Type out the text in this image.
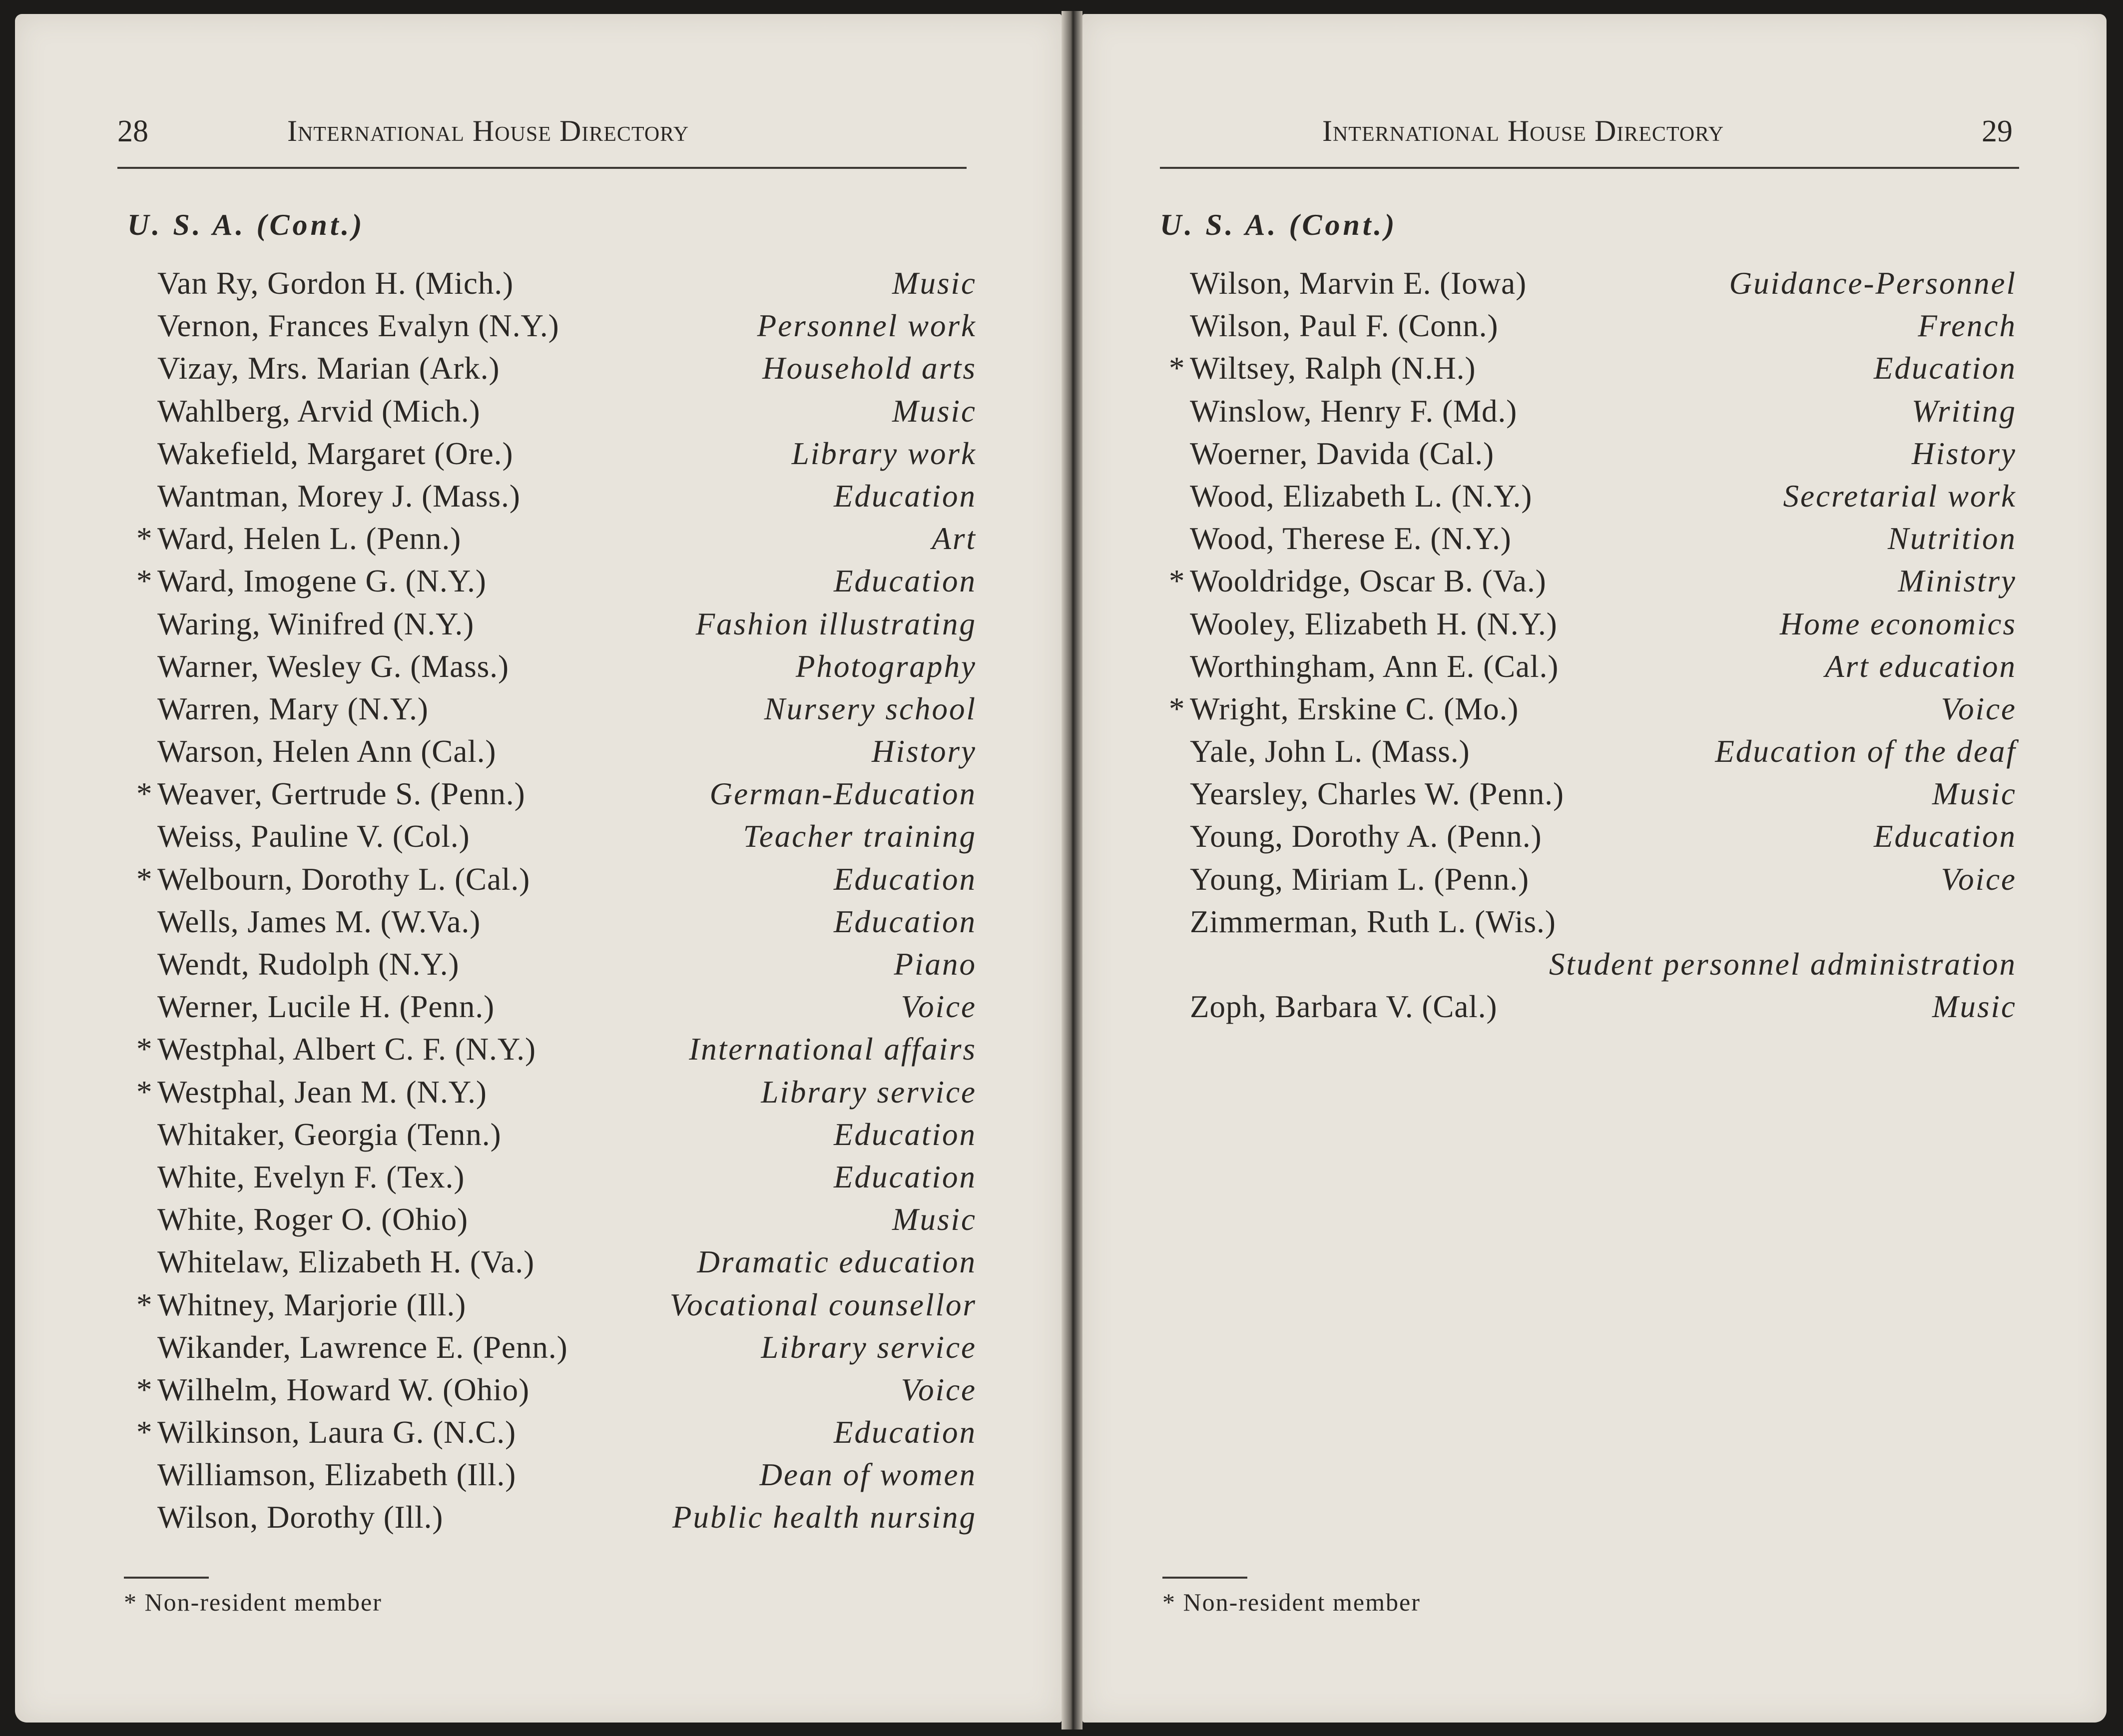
28	International House Directory
U. S. A. (Cont.)
Van Ry, Gordon H. (Mich.)	Music
Vernon, Frances Evalyn (N.Y.)	Personnel work
Vizay, Mrs. Marian (Ark.)	Household arts
Wahlberg, Arvid (Mich.)	Music
Wakefield, Margaret (Ore.)	Library work
Wantman, Morey J. (Mass.)	Education
* Ward, Helen L. (Penn.)	Art
* Ward, Imogene G. (N.Y.)	Education
Waring, Winifred (N.Y.)	Fashion illustrating
Warner, Wesley G. (Mass.)	Photography
Warren, Mary (N.Y.)	Nursery school
Warson, Helen Ann (Cal.)	History
* Weaver, Gertrude S. (Penn.)	German-Education
Weiss, Pauline V. (Col.)	Teacher training
* Welbourn, Dorothy L. (Cal.)	Education
Wells, James M. (W.Va.)	Education
Wendt, Rudolph (N.Y.)	Piano
Werner, Lucile H. (Penn.)	Voice
* Westphal, Albert C. F. (N.Y.)	International affairs
* Westphal, Jean M. (N.Y.)	Library service
Whitaker, Georgia (Tenn.)	Education
White, Evelyn F. (Tex.)	Education
White, Roger O. (Ohio)	Music
Whitelaw, Elizabeth H. (Va.)	Dramatic education
* Whitney, Marjorie (Ill.)	Vocational counsellor
Wikander, Lawrence E. (Penn.)	Library service
* Wilhelm, Howard W. (Ohio)	Voice
* Wilkinson, Laura G. (N.C.)	Education
Williamson, Elizabeth (Ill.)	Dean of women
Wilson, Dorothy (Ill.)	Public health nursing
* Non-resident member
International House Directory	29
U. S. A. (Cont.)
Wilson, Marvin E. (Iowa)	Guidance-Personnel
Wilson, Paul F. (Conn.)	French
* Wiltsey, Ralph (N.H.)	Education
Winslow, Henry F. (Md.)	Writing
Woerner, Davida (Cal.)	History
Wood, Elizabeth L. (N.Y.)	Secretarial work
Wood, Therese E. (N.Y.)	Nutrition
* Wooldridge, Oscar B. (Va.)	Ministry
Wooley, Elizabeth H. (N.Y.)	Home economics
Worthingham, Ann E. (Cal.)	Art education
* Wright, Erskine C. (Mo.)	Voice
Yale, John L. (Mass.)	Education of the deaf
Yearsley, Charles W. (Penn.)	Music
Young, Dorothy A. (Penn.)	Education
Young, Miriam L. (Penn.)	Voice
Zimmerman, Ruth L. (Wis.)
Student personnel administration
Zoph, Barbara V. (Cal.)	Music
* Non-resident member
